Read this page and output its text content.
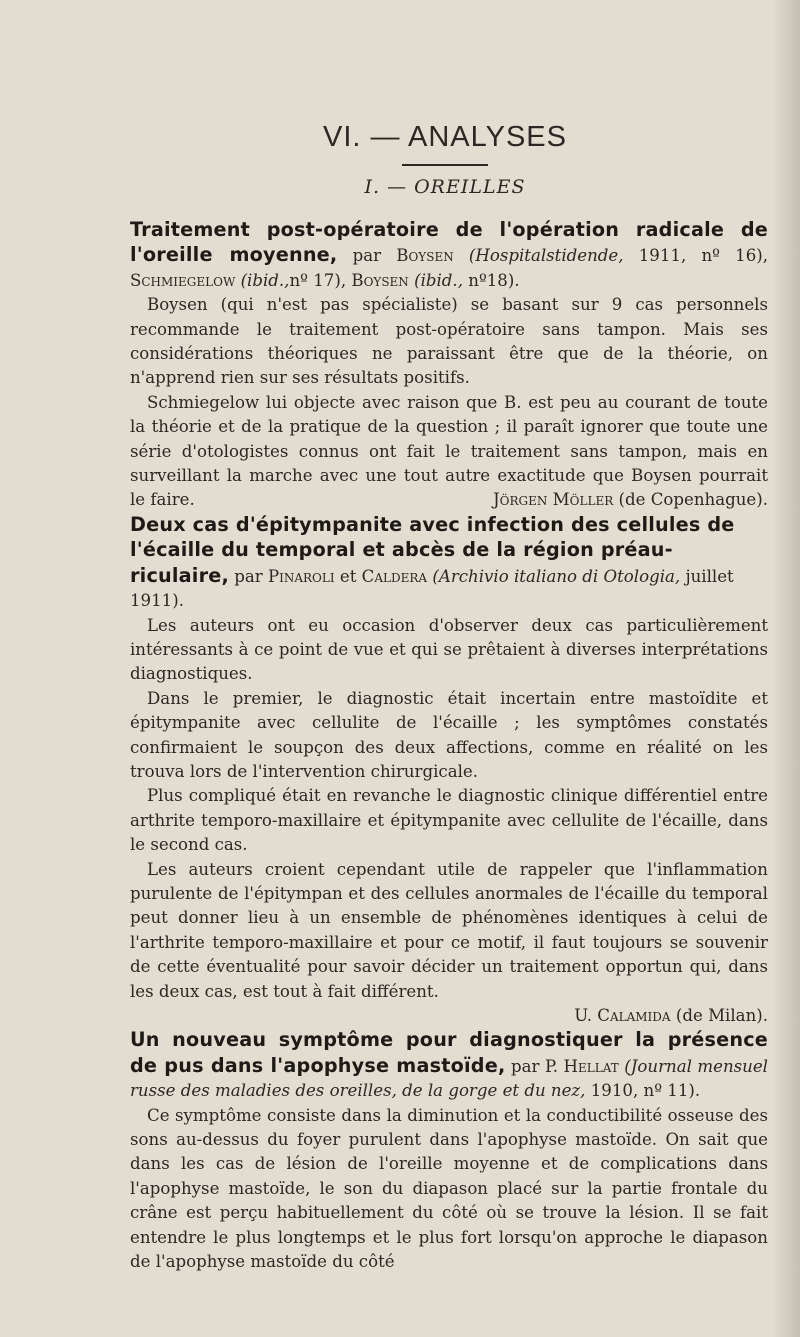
VI. — ANALYSES
I. — OREILLES

Traitement post-opératoire de l'opération radicale de l'oreille moyenne, par Boysen (Hospitalstidende, 1911, nº 16), Schmiegelow (ibid.,nº 17), Boysen (ibid., nº18).

Boysen (qui n'est pas spécialiste) se basant sur 9 cas personnels recommande le traitement post-opératoire sans tampon. Mais ses considérations théoriques ne paraissant être que de la théorie, on n'apprend rien sur ses résultats positifs.

Schmiegelow lui objecte avec raison que B. est peu au courant de toute la théorie et de la pratique de la question ; il paraît ignorer que toute une série d'otologistes connus ont fait le traitement sans tampon, mais en surveillant la marche avec une tout autre exactitude que Boysen pourrait le faire.	Jörgen Möller (de Copenhague).

Deux cas d'épitympanite avec infection des cellules de l'écaille du temporal et abcès de la région préau-
riculaire, par Pinaroli et Caldera (Archivio italiano di Otologia, juillet 1911).

Les auteurs ont eu occasion d'observer deux cas particulièrement intéressants à ce point de vue et qui se prêtaient à diverses interprétations diagnostiques.

Dans le premier, le diagnostic était incertain entre mastoïdite et épitympanite avec cellulite de l'écaille ; les symptômes constatés confirmaient le soupçon des deux affections, comme en réalité on les trouva lors de l'intervention chirurgicale.

Plus compliqué était en revanche le diagnostic clinique différentiel entre arthrite temporo-maxillaire et épitympanite avec cellulite de l'écaille, dans le second cas.

Les auteurs croient cependant utile de rappeler que l'inflammation purulente de l'épitympan et des cellules anormales de l'écaille du temporal peut donner lieu à un ensemble de phénomènes identiques à celui de l'arthrite temporo-maxillaire et pour ce motif, il faut toujours se souvenir de cette éventualité pour savoir décider un traitement opportun qui, dans les deux cas, est tout à fait différent.

U. Calamida (de Milan).

Un nouveau symptôme pour diagnostiquer la présence de pus dans l'apophyse mastoïde, par P. Hellat (Journal mensuel russe des maladies des oreilles, de la gorge et du nez, 1910, nº 11).

Ce symptôme consiste dans la diminution et la conductibilité osseuse des sons au-dessus du foyer purulent dans l'apophyse mastoïde. On sait que dans les cas de lésion de l'oreille moyenne et de complications dans l'apophyse mastoïde, le son du diapason placé sur la partie frontale du crâne est perçu habituellement du côté où se trouve la lésion. Il se fait entendre le plus longtemps et le plus fort lorsqu'on approche le diapason de l'apophyse mastoïde du côté
